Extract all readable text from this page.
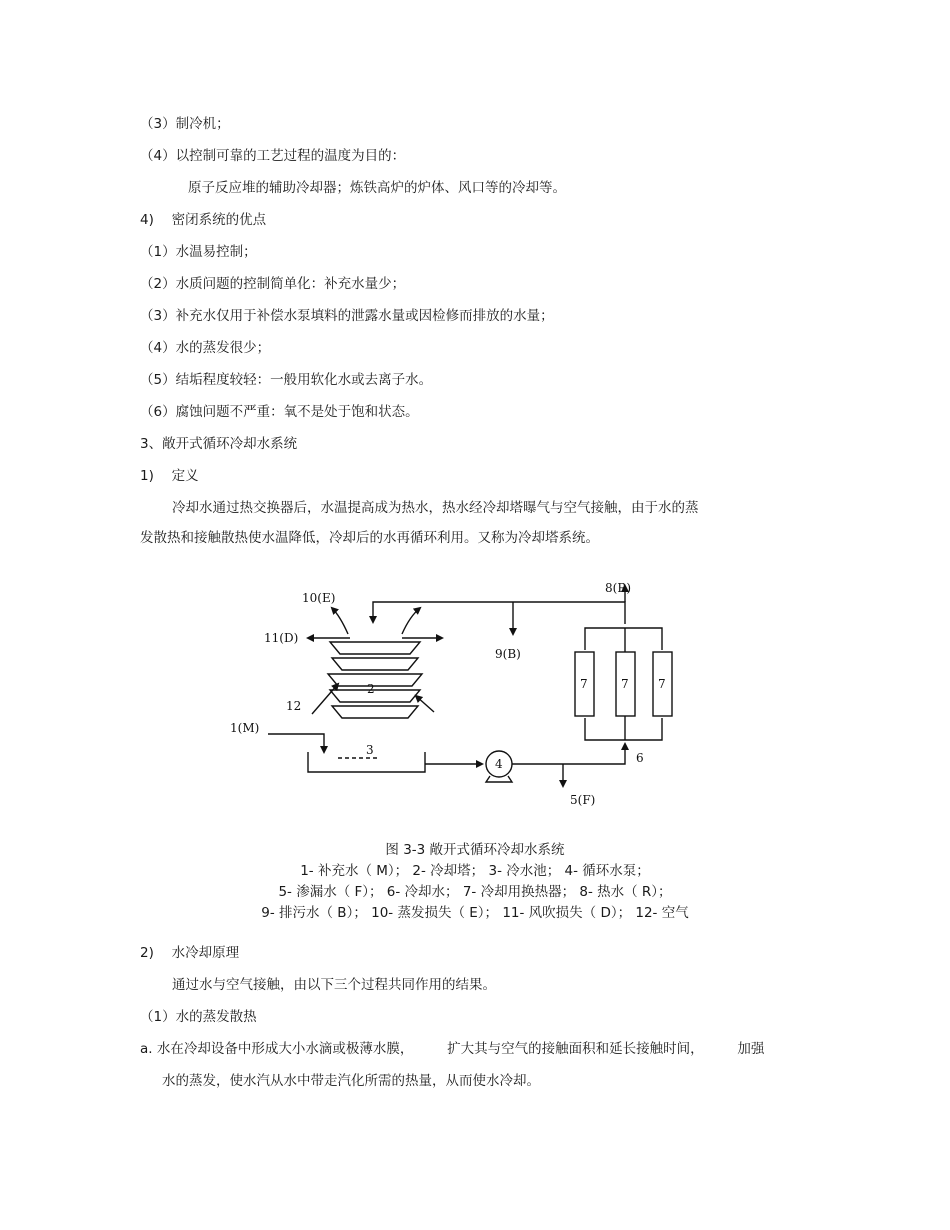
（3）制冷机；
（4）以控制可靠的工艺过程的温度为目的：
原子反应堆的辅助冷却器；炼铁高炉的炉体、风口等的冷却等。
4)　 密闭系统的优点
（1）水温易控制；
（2）水质问题的控制简单化：补充水量少；
（3）补充水仅用于补偿水泵填料的泄露水量或因检修而排放的水量；
（4）水的蒸发很少；
（5）结垢程度较轻：一般用软化水或去离子水。
（6）腐蚀问题不严重：氧不是处于饱和状态。
3、敞开式循环冷却水系统
1)　 定义
冷却水通过热交换器后，水温提高成为热水，热水经冷却塔曝气与空气接触，由于水的蒸
发散热和接触散热使水温降低，冷却后的水再循环利用。又称为冷却塔系统。
10(E)
11(D)
12
1(M)
2
3
4
5(F)
6
7	7 7
8(R)
9(B)
图 3-3 敞开式循环冷却水系统
1- 补充水（ M）； 2- 冷却塔； 3- 冷水池； 4- 循环水泵；
5- 渗漏水（ F）； 6- 冷却水； 7- 冷却用换热器； 8- 热水（ R）；
9- 排污水（ B）； 10- 蒸发损失（ E）； 11- 风吹损失（ D）； 12- 空气
2)　 水冷却原理
通过水与空气接触，由以下三个过程共同作用的结果。
（1）水的蒸发散热
a. 水在冷却设备中形成大小水滴或极薄水膜，　　　扩大其与空气的接触面积和延长接触时间，　　　加强
水的蒸发，使水汽从水中带走汽化所需的热量，从而使水冷却。
